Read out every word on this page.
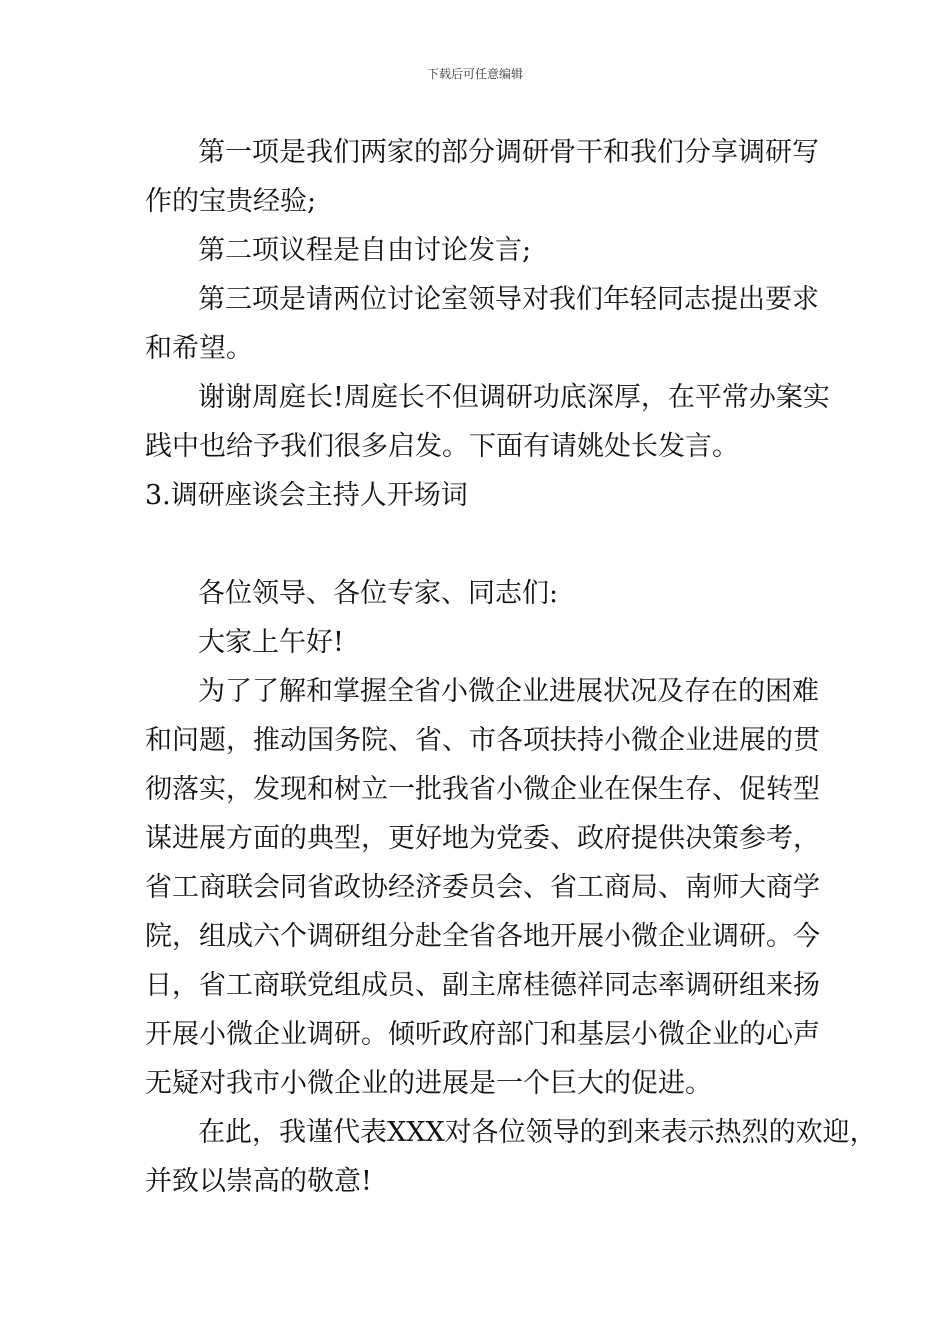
下载后可任意编辑
第一项是我们两家的部分调研骨干和我们分享调研写
作的宝贵经验;
第二项议程是自由讨论发言;
第三项是请两位讨论室领导对我们年轻同志提出要求
和希望。
谢谢周庭长!周庭长不但调研功底深厚，在平常办案实
践中也给予我们很多启发。下面有请姚处长发言。
3.调研座谈会主持人开场词
各位领导、各位专家、同志们:
大家上午好!
为了了解和掌握全省小微企业进展状况及存在的困难
和问题，推动国务院、省、市各项扶持小微企业进展的贯
彻落实，发现和树立一批我省小微企业在保生存、促转型
谋进展方面的典型，更好地为党委、政府提供决策参考，
省工商联会同省政协经济委员会、省工商局、南师大商学
院，组成六个调研组分赴全省各地开展小微企业调研。今
日，省工商联党组成员、副主席桂德祥同志率调研组来扬
开展小微企业调研。倾听政府部门和基层小微企业的心声
无疑对我市小微企业的进展是一个巨大的促进。
在此，我谨代表XXX对各位领导的到来表示热烈的欢迎，
并致以崇高的敬意!
